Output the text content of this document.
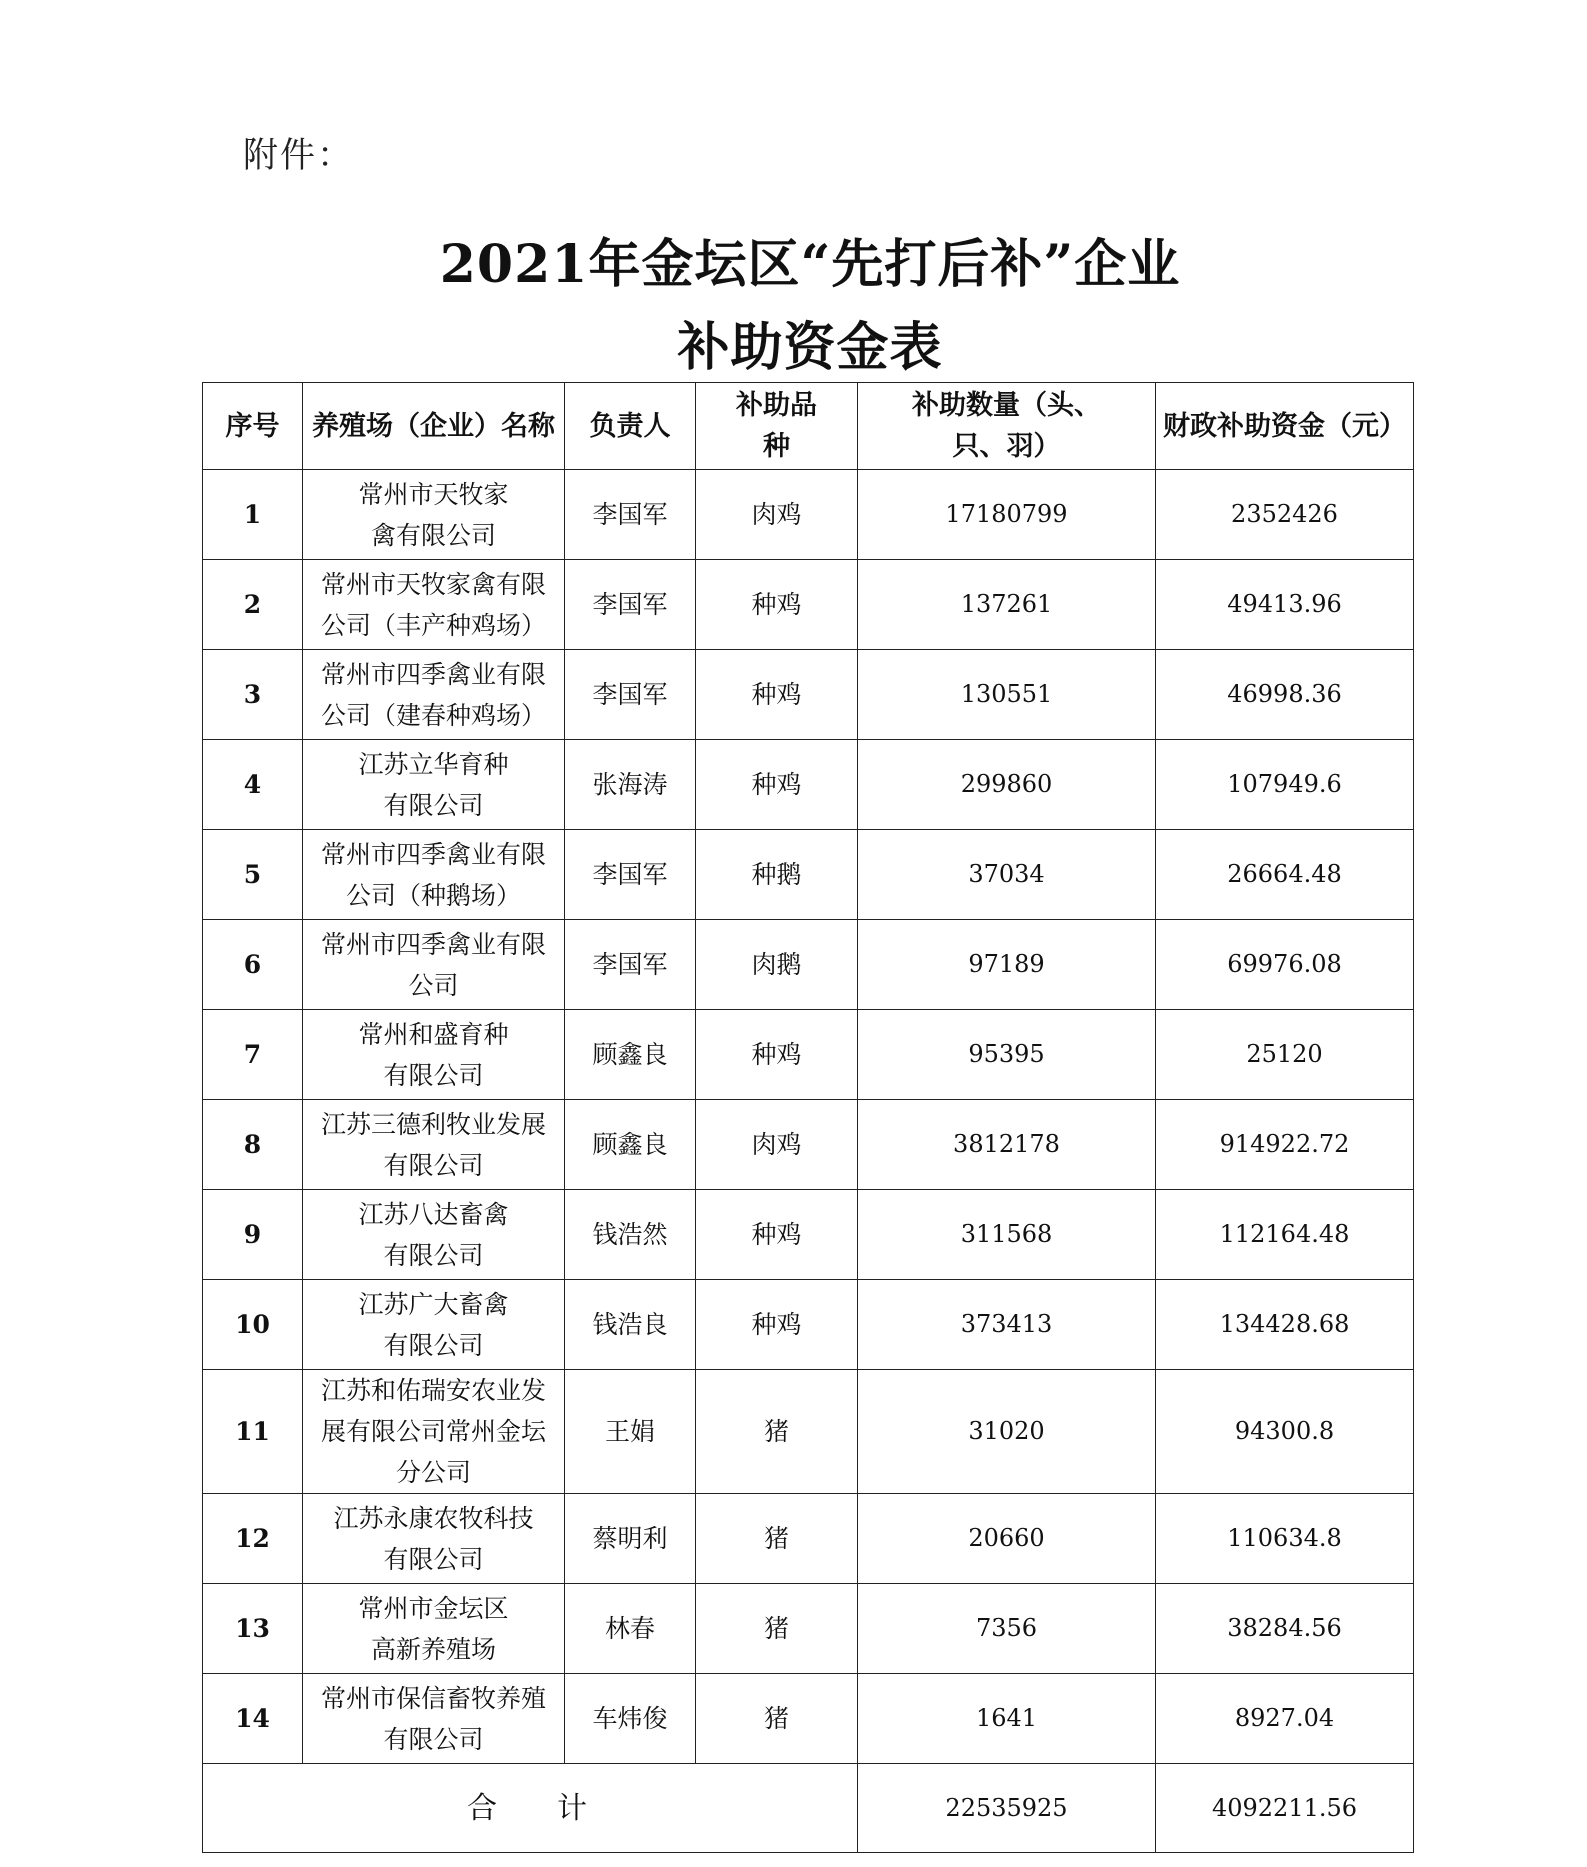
附件：
2021年金坛区“先打后补”企业
补助资金表
序号	养殖场（企业）名称	负责人	补助品种	补助数量（头、只、羽）	财政补助资金（元）
1	常州市天牧家禽有限公司	李国军	肉鸡	17180799	2352426
2	常州市天牧家禽有限公司（丰产种鸡场）	李国军	种鸡	137261	49413.96
3	常州市四季禽业有限公司（建春种鸡场）	李国军	种鸡	130551	46998.36
4	江苏立华育种有限公司	张海涛	种鸡	299860	107949.6
5	常州市四季禽业有限公司（种鹅场）	李国军	种鹅	37034	26664.48
6	常州市四季禽业有限公司	李国军	肉鹅	97189	69976.08
7	常州和盛育种有限公司	顾鑫良	种鸡	95395	25120
8	江苏三德利牧业发展有限公司	顾鑫良	肉鸡	3812178	914922.72
9	江苏八达畜禽有限公司	钱浩然	种鸡	311568	112164.48
10	江苏广大畜禽有限公司	钱浩良	种鸡	373413	134428.68
11	江苏和佑瑞安农业发展有限公司常州金坛分公司	王娟	猪	31020	94300.8
12	江苏永康农牧科技有限公司	蔡明利	猪	20660	110634.8
13	常州市金坛区高新养殖场	林春	猪	7356	38284.56
14	常州市保信畜牧养殖有限公司	车炜俊	猪	1641	8927.04
合计				22535925	4092211.56
